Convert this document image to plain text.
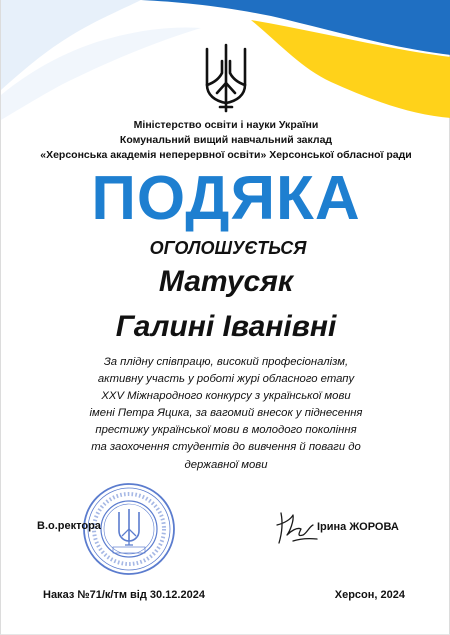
Міністерство освіти і науки України
Комунальний вищий навчальний заклад
«Херсонська академія неперервної освіти» Херсонської обласної ради
ПОДЯКА
ОГОЛОШУЄТЬСЯ
Матусяк
Галині Іванівні
За плідну співпрацю, високий професіоналізм,
активну участь у роботі журі обласного етапу
XXV Міжнародного конкурсу з української мови
імені Петра Яцика, за вагомий внесок у піднесення
престижу української мови в молодого покоління
та заохочення студентів до вивчення й поваги до
державної мови
В.о.ректора	Ірина ЖОРОВА
Наказ №71/к/тм від 30.12.2024	Херсон, 2024
